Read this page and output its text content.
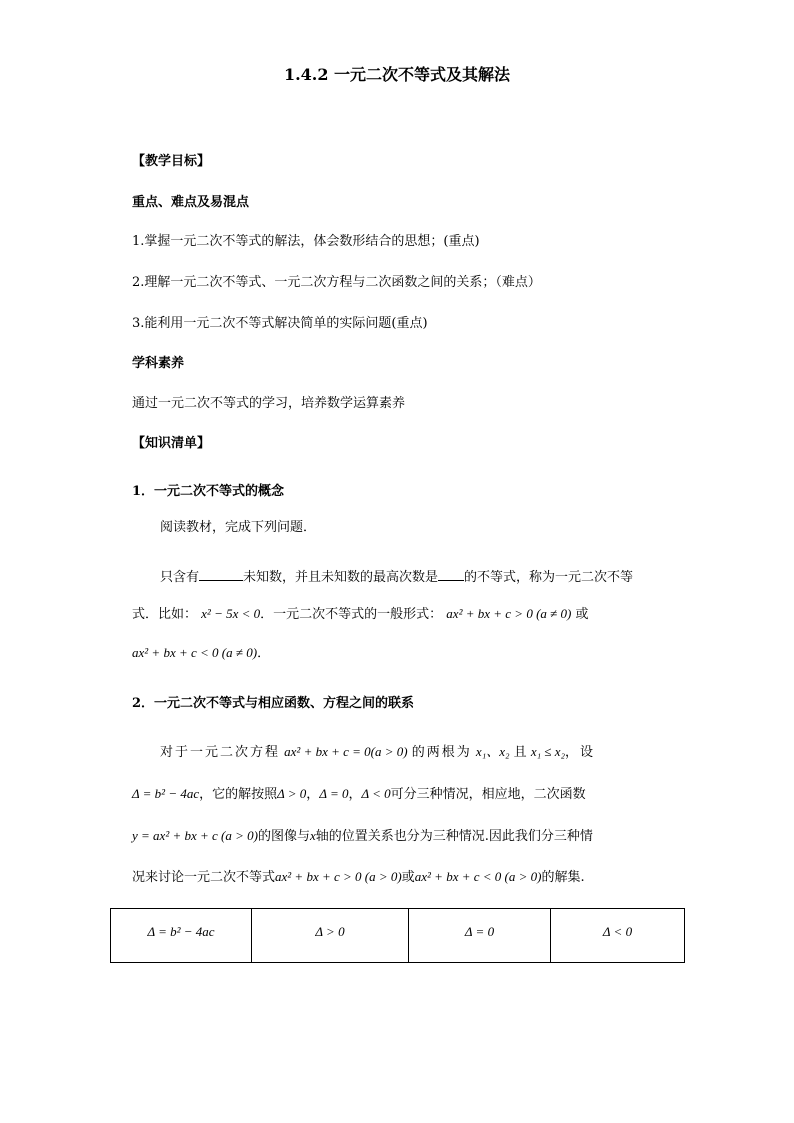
1.4.2 一元二次不等式及其解法
【教学目标】
重点、难点及易混点
1.掌握一元二次不等式的解法，体会数形结合的思想；(重点)
2.理解一元二次不等式、一元二次方程与二次函数之间的关系；（难点）
3.能利用一元二次不等式解决简单的实际问题(重点)
学科素养
通过一元二次不等式的学习，培养数学运算素养
【知识清单】
1．一元二次不等式的概念
阅读教材，完成下列问题．
只含有	未知数，并且未知数的最高次数是 的不等式，称为一元二次不等
式．比如： x² − 5x < 0．一元二次不等式的一般形式： ax² + bx + c > 0 (a ≠ 0) 或
ax² + bx + c < 0 (a ≠ 0)．
2．一元二次不等式与相应函数、方程之间的联系
对于一元二次方程 ax² + bx + c = 0(a > 0) 的两根为 x₁、x₂ 且 x₁ ≤ x₂，设
Δ = b² − 4ac，它的解按照Δ > 0，Δ = 0，Δ < 0可分三种情况，相应地，二次函数
y = ax² + bx + c (a > 0)的图像与x轴的位置关系也分为三种情况.因此我们分三种情
况来讨论一元二次不等式ax² + bx + c > 0 (a > 0)或ax² + bx + c < 0 (a > 0)的解集.
Δ = b² − 4ac	Δ > 0	Δ = 0	Δ < 0
